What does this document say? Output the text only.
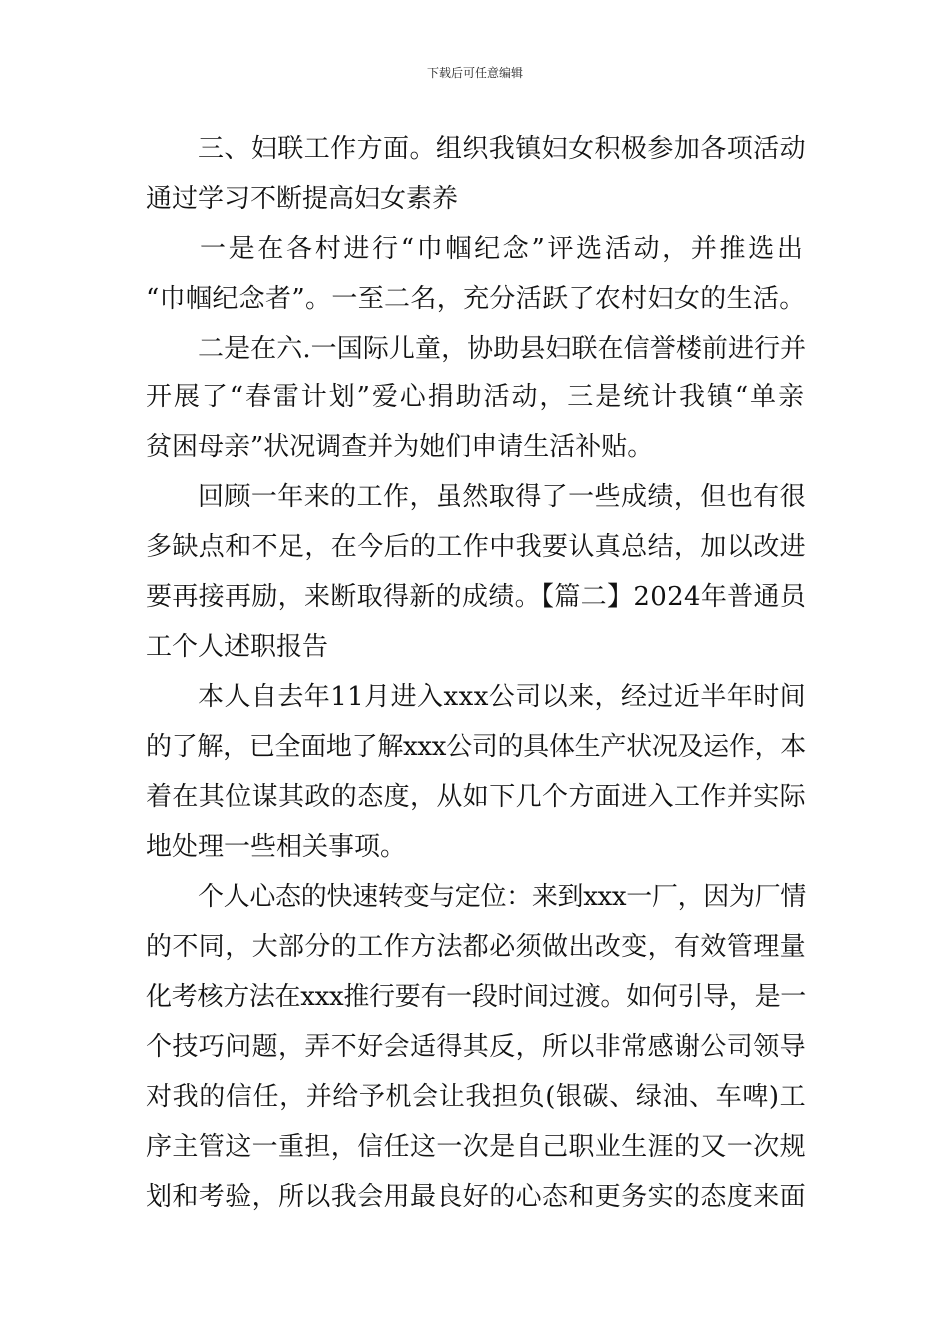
下载后可任意编辑
三、妇联工作方面。组织我镇妇女积极参加各项活动
通过学习不断提高妇女素养
一是在各村进行“巾帼纪念”评选活动，并推选出
“巾帼纪念者”。一至二名，充分活跃了农村妇女的生活。
二是在六.一国际儿童，协助县妇联在信誉楼前进行并
开展了“春雷计划”爱心捐助活动，三是统计我镇“单亲
贫困母亲”状况调查并为她们申请生活补贴。
回顾一年来的工作，虽然取得了一些成绩，但也有很
多缺点和不足，在今后的工作中我要认真总结，加以改进
要再接再励，来断取得新的成绩。【篇二】2024年普通员
工个人述职报告
本人自去年11月进入xxx公司以来，经过近半年时间
的了解，已全面地了解xxx公司的具体生产状况及运作，本
着在其位谋其政的态度，从如下几个方面进入工作并实际
地处理一些相关事项。
个人心态的快速转变与定位：来到xxx一厂，因为厂情
的不同，大部分的工作方法都必须做出改变，有效管理量
化考核方法在xxx推行要有一段时间过渡。如何引导，是一
个技巧问题，弄不好会适得其反，所以非常感谢公司领导
对我的信任，并给予机会让我担负(银碳、绿油、车啤)工
序主管这一重担，信任这一次是自己职业生涯的又一次规
划和考验，所以我会用最良好的心态和更务实的态度来面
